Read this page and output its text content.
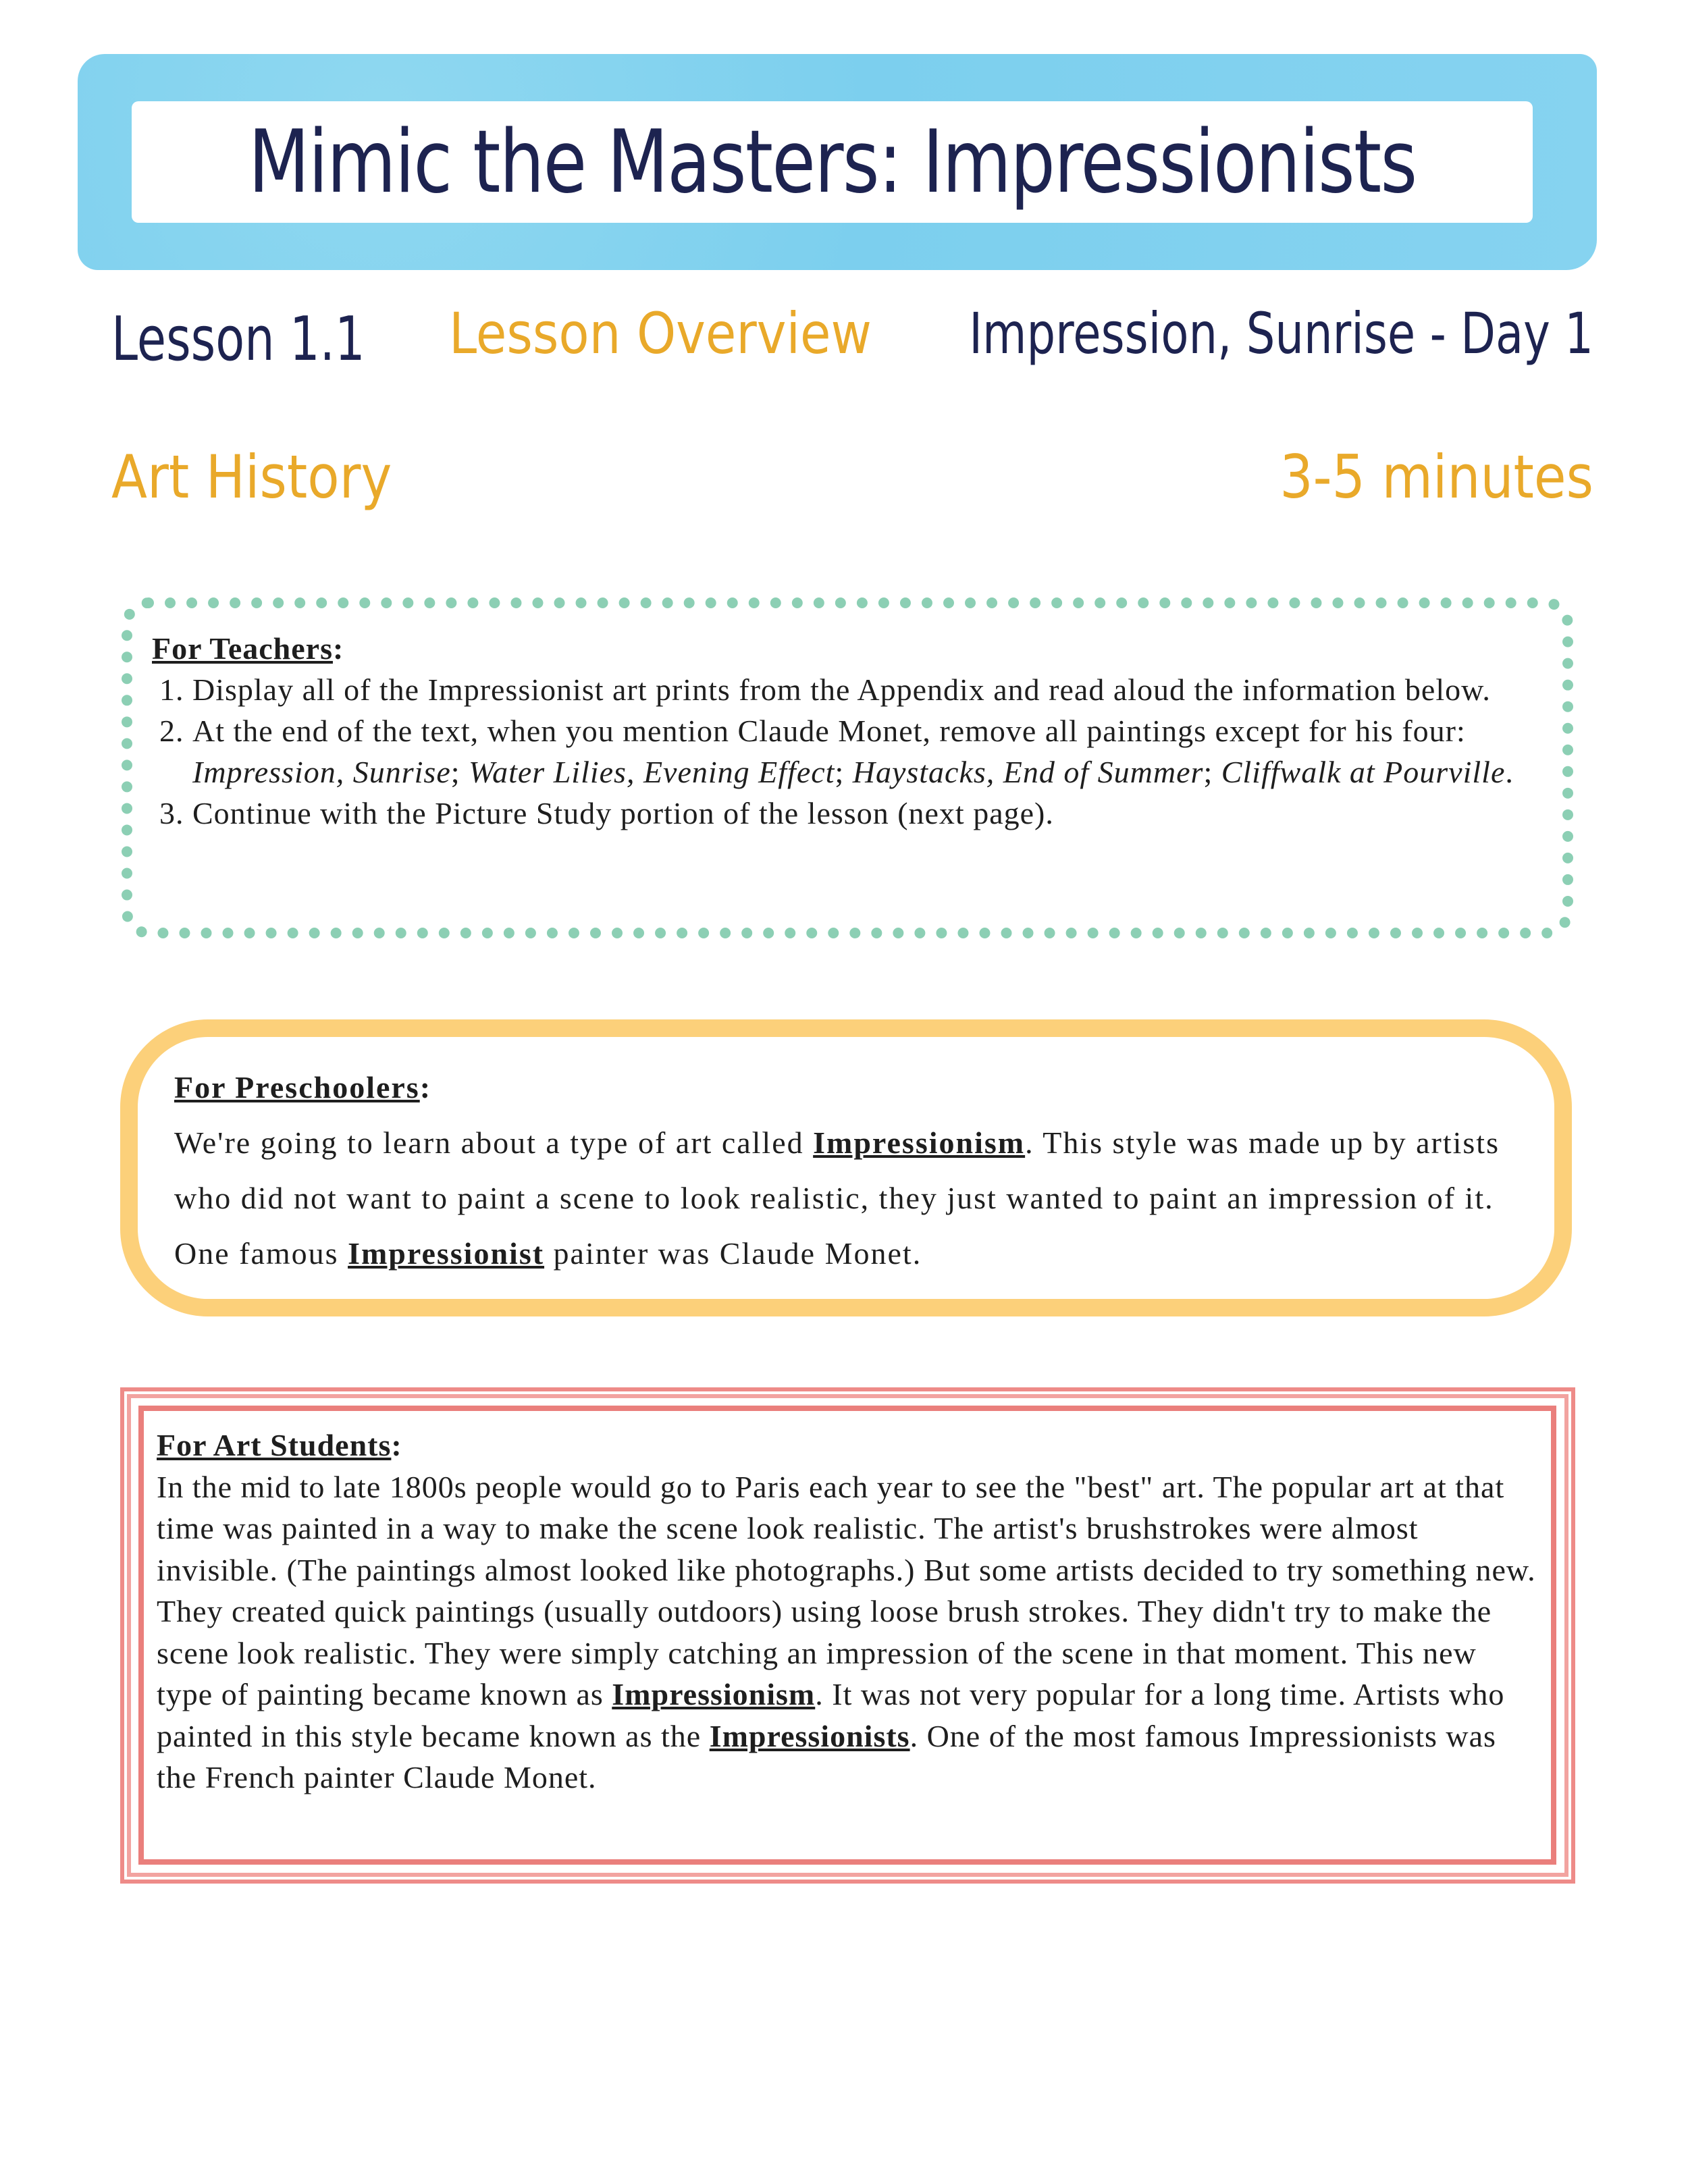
Mimic the Masters: Impressionists
Lesson 1.1 Lesson Overview Impression, Sunrise - Day 1
Art History	3-5 minutes
For Teachers:
1. Display all of the Impressionist art prints from the Appendix and read aloud the information below.
2. At the end of the text, when you mention Claude Monet, remove all paintings except for his four: Impression, Sunrise; Water Lilies, Evening Effect; Haystacks, End of Summer; Cliffwalk at Pourville.
3. Continue with the Picture Study portion of the lesson (next page).
For Preschoolers:
We're going to learn about a type of art called Impressionism. This style was made up by artists who did not want to paint a scene to look realistic, they just wanted to paint an impression of it. One famous Impressionist painter was Claude Monet.
For Art Students:
In the mid to late 1800s people would go to Paris each year to see the "best" art. The popular art at that time was painted in a way to make the scene look realistic. The artist's brushstrokes were almost invisible. (The paintings almost looked like photographs.) But some artists decided to try something new. They created quick paintings (usually outdoors) using loose brush strokes. They didn't try to make the scene look realistic. They were simply catching an impression of the scene in that moment. This new type of painting became known as Impressionism. It was not very popular for a long time. Artists who painted in this style became known as the Impressionists. One of the most famous Impressionists was the French painter Claude Monet.
